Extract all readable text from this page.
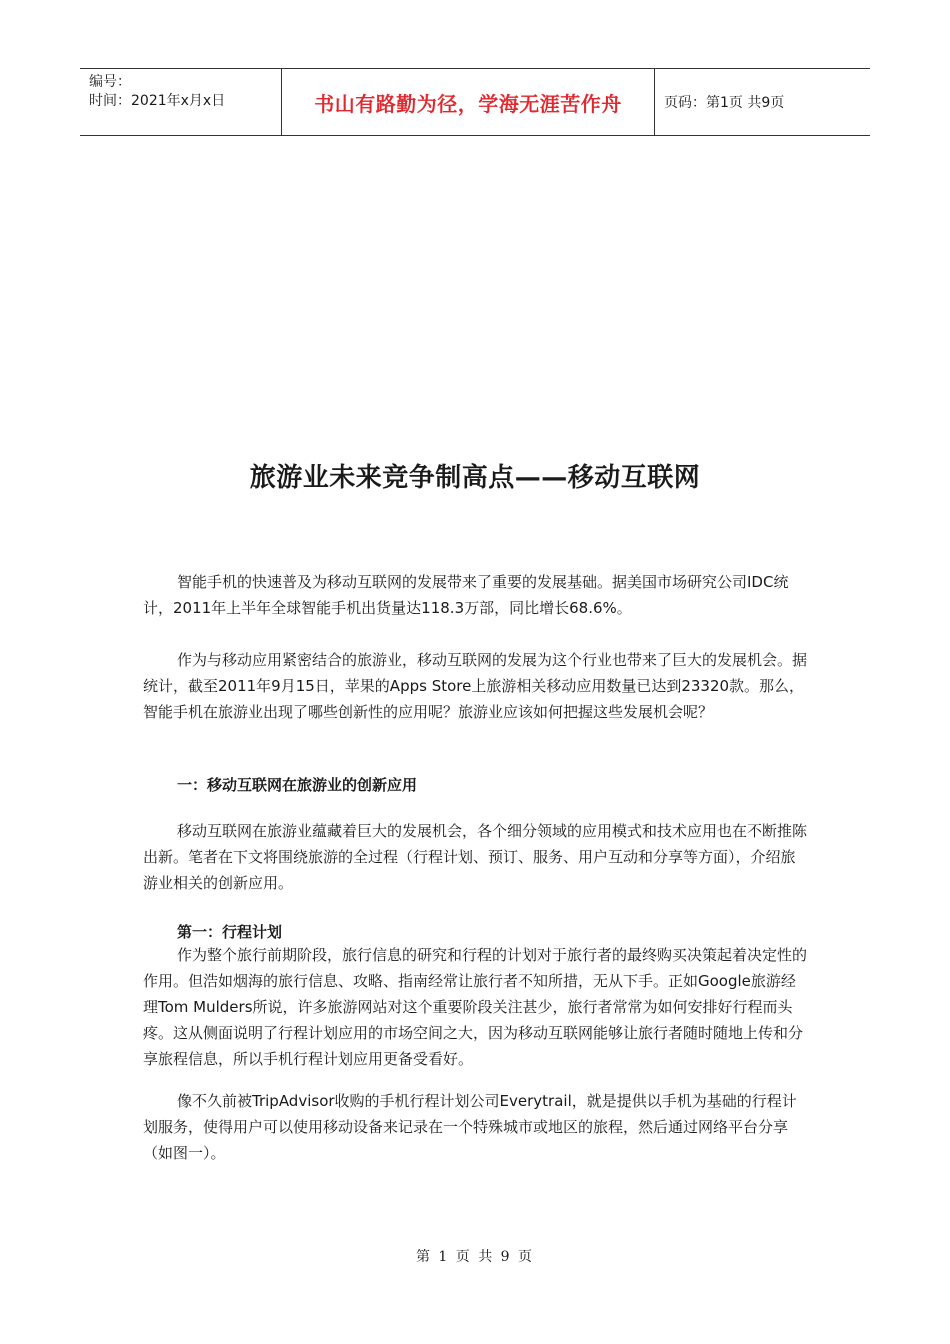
编号：
时间：2021年x月x日	书山有路勤为径，学海无涯苦作舟	页码：第1页 共9页
旅游业未来竞争制高点——移动互联网

智能手机的快速普及为移动互联网的发展带来了重要的发展基础。据美国市场研究公司IDC统计，2011年上半年全球智能手机出货量达118.3万部，同比增长68.6%。

作为与移动应用紧密结合的旅游业，移动互联网的发展为这个行业也带来了巨大的发展机会。据统计，截至2011年9月15日，苹果的Apps Store上旅游相关移动应用数量已达到23320款。那么，智能手机在旅游业出现了哪些创新性的应用呢？旅游业应该如何把握这些发展机会呢？

一：移动互联网在旅游业的创新应用

移动互联网在旅游业蕴藏着巨大的发展机会，各个细分领域的应用模式和技术应用也在不断推陈出新。笔者在下文将围绕旅游的全过程（行程计划、预订、服务、用户互动和分享等方面），介绍旅游业相关的创新应用。

第一：行程计划

作为整个旅行前期阶段，旅行信息的研究和行程的计划对于旅行者的最终购买决策起着决定性的作用。但浩如烟海的旅行信息、攻略、指南经常让旅行者不知所措，无从下手。正如Google旅游经理Tom Mulders所说，许多旅游网站对这个重要阶段关注甚少，旅行者常常为如何安排好行程而头疼。这从侧面说明了行程计划应用的市场空间之大，因为移动互联网能够让旅行者随时随地上传和分享旅程信息，所以手机行程计划应用更备受看好。

像不久前被TripAdvisor收购的手机行程计划公司Everytrail，就是提供以手机为基础的行程计划服务，使得用户可以使用移动设备来记录在一个特殊城市或地区的旅程，然后通过网络平台分享（如图一）。

第 1 页 共 9 页
